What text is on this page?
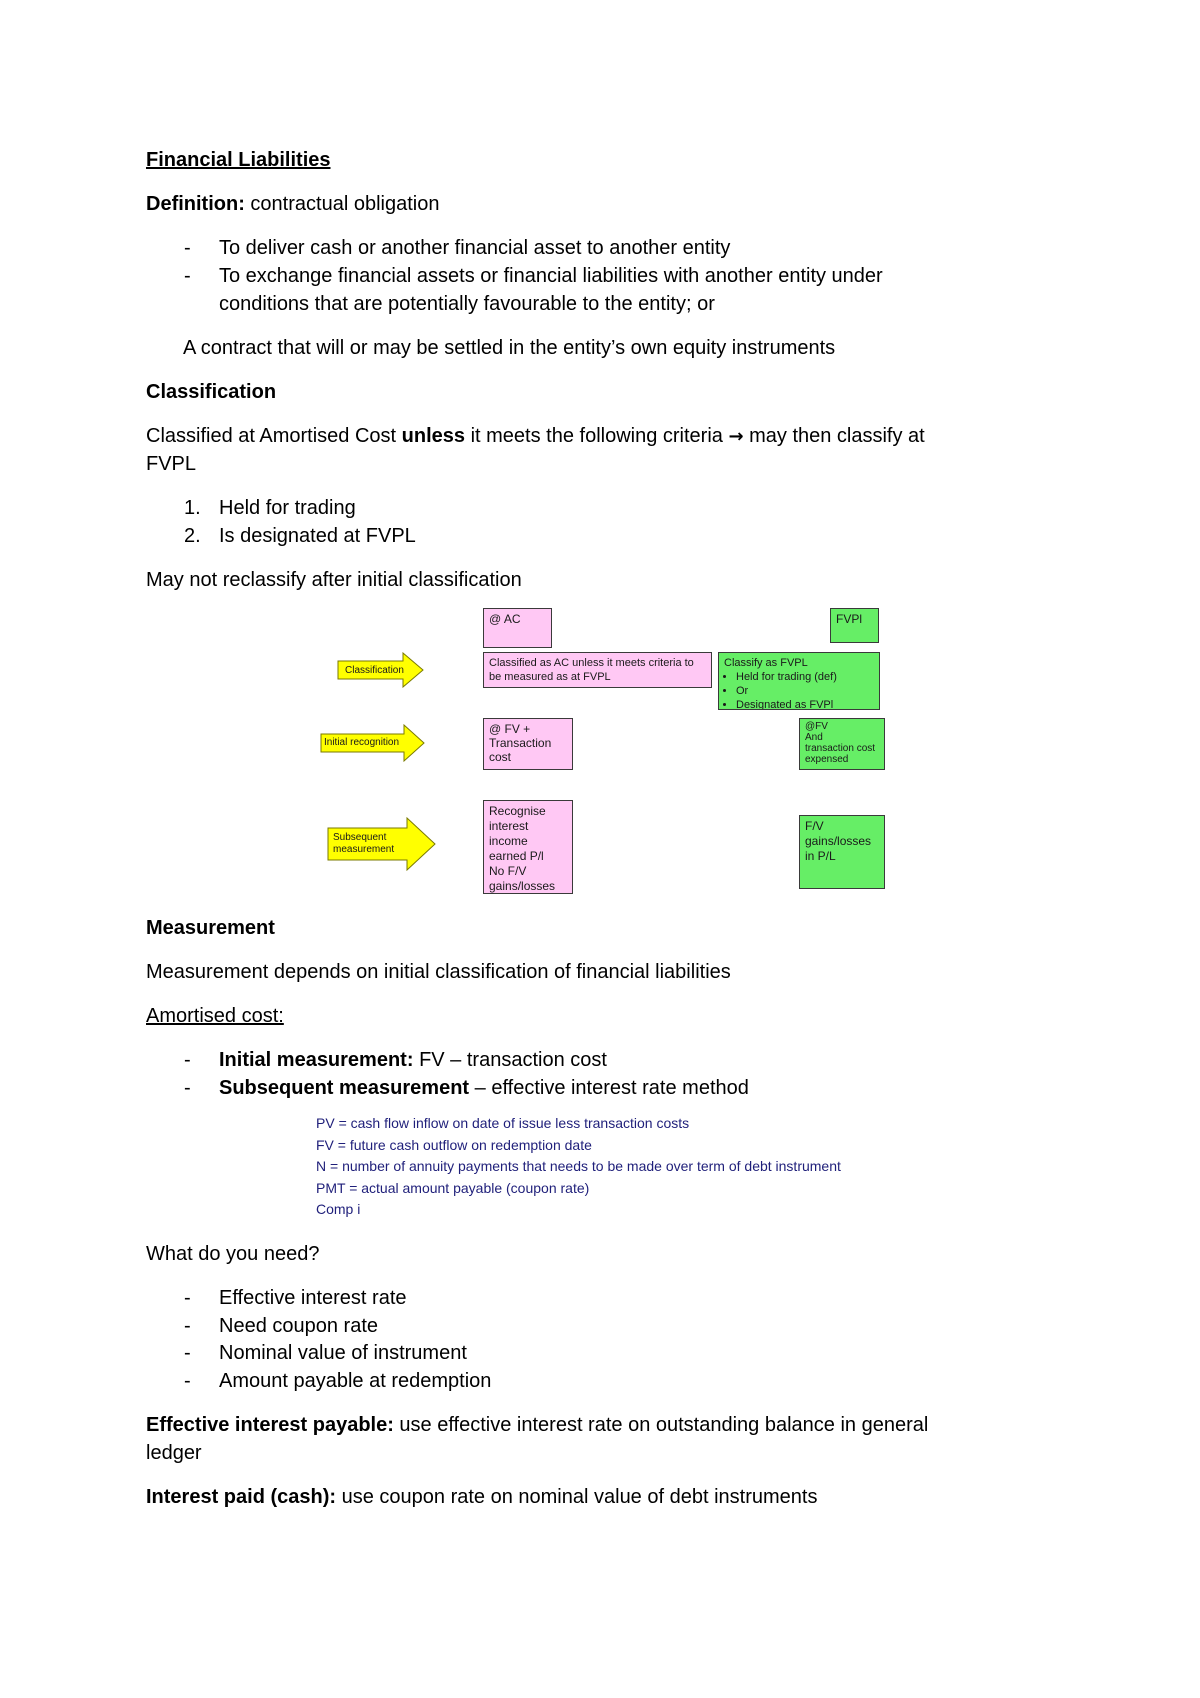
Financial Liabilities
Definition: contractual obligation
- To deliver cash or another financial asset to another entity
- To exchange financial assets or financial liabilities with another entity under
conditions that are potentially favourable to the entity; or
A contract that will or may be settled in the entity’s own equity instruments
Classification
Classified at Amortised Cost unless it meets the following criteria → may then classify at
FVPL
1. Held for trading
2. Is designated at FVPL
May not reclassify after initial classification
@ AC	FVPl
Classified as AC unless it meets criteria to be measured as at FVPL
Classify as FVPL
• Held for trading (def)
• Or
• Designated as FVPl
@ FV +
Transaction
cost
@FV
And
transaction cost
expensed
Recognise
interest
income
earned P/l
No F/V
gains/losses
F/V
gains/losses
in P/L
Classification
Initial recognition
Subsequent
measurement
Measurement
Measurement depends on initial classification of financial liabilities
Amortised cost:
- Initial measurement: FV – transaction cost
- Subsequent measurement – effective interest rate method
PV = cash flow inflow on date of issue less transaction costs
FV = future cash outflow on redemption date
N = number of annuity payments that needs to be made over term of debt instrument
PMT = actual amount payable (coupon rate)
Comp i
What do you need?
- Effective interest rate
- Need coupon rate
- Nominal value of instrument
- Amount payable at redemption
Effective interest payable: use effective interest rate on outstanding balance in general
ledger
Interest paid (cash): use coupon rate on nominal value of debt instruments
